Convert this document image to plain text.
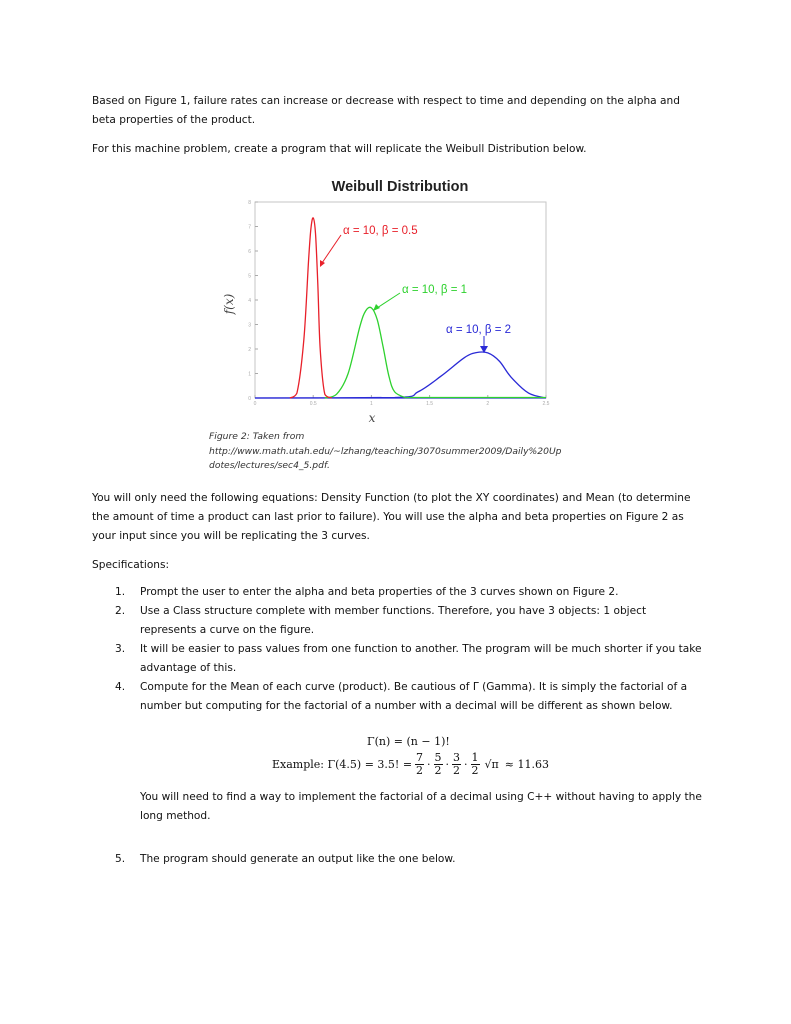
Based on Figure 1, failure rates can increase or decrease with respect to time and depending on the alpha and beta properties of the product.

For this machine problem, create a program that will replicate the Weibull Distribution below.

Weibull Distribution
0
1
2
3
4
5
6
7
8
0	0.5	1	1.5	2	2.5
f(x)
x
α = 10, β = 0.5
α = 10, β = 1
α = 10, β = 2
Figure 2: Taken from
http://www.math.utah.edu/~lzhang/teaching/3070summer2009/Daily%20Up
dotes/lectures/sec4_5.pdf.

You will only need the following equations: Density Function (to plot the XY coordinates) and Mean (to determine the amount of time a product can last prior to failure). You will use the alpha and beta properties on Figure 2 as your input since you will be replicating the 3 curves.

Specifications:

1. Prompt the user to enter the alpha and beta properties of the 3 curves shown on Figure 2.
2. Use a Class structure complete with member functions. Therefore, you have 3 objects: 1 object represents a curve on the figure.
3. It will be easier to pass values from one function to another. The program will be much shorter if you take advantage of this.
4. Compute for the Mean of each curve (product). Be cautious of Γ (Gamma). It is simply the factorial of a number but computing for the factorial of a number with a decimal will be different as shown below.
5. The program should generate an output like the one below.
Γ(n) = (n − 1)!
Example: Γ(4.5) = 3.5! = $\frac{7}{2} \cdot \frac{5}{2} \cdot \frac{3}{2} \cdot \frac{1}{2} √\pi \approx 11.63$

You will need to find a way to implement the factorial of a decimal using C++ without having to apply the long method.
